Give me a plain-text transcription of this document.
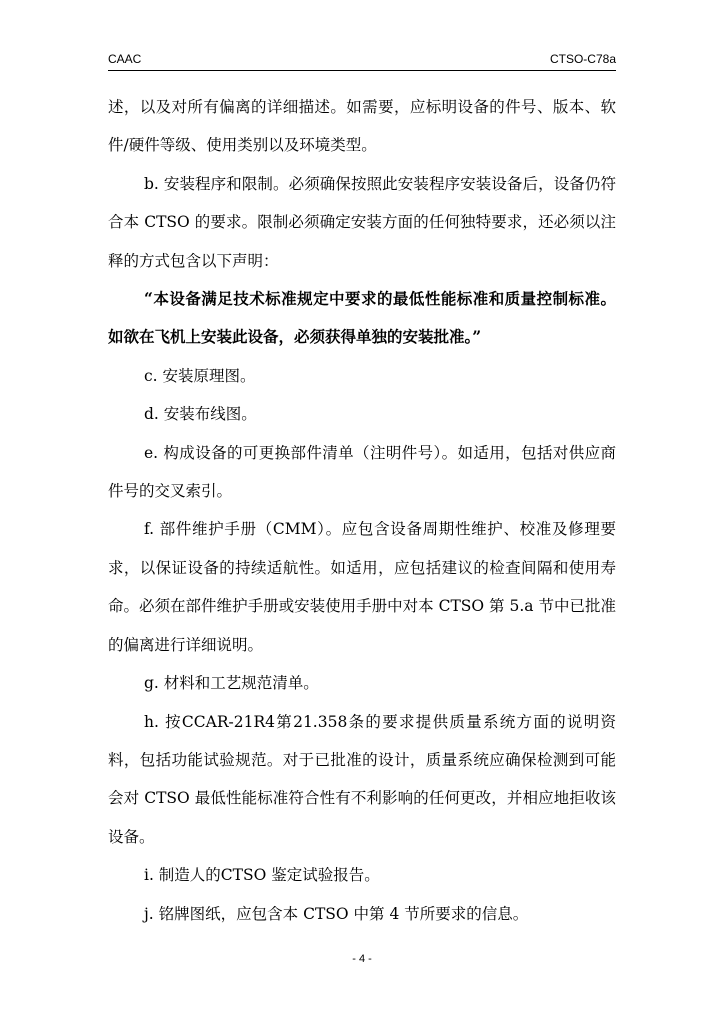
CAAC	CTSO-C78a

述，以及对所有偏离的详细描述。如需要，应标明设备的件号、版本、软件/硬件等级、使用类别以及环境类型。

b. 安装程序和限制。必须确保按照此安装程序安装设备后，设备仍符合本 CTSO 的要求。限制必须确定安装方面的任何独特要求，还必须以注释的方式包含以下声明：

“本设备满足技术标准规定中要求的最低性能标准和质量控制标准。如欲在飞机上安装此设备，必须获得单独的安装批准。”

c. 安装原理图。

d. 安装布线图。

e. 构成设备的可更换部件清单（注明件号）。如适用，包括对供应商件号的交叉索引。

f. 部件维护手册（CMM）。应包含设备周期性维护、校准及修理要求，以保证设备的持续适航性。如适用，应包括建议的检查间隔和使用寿命。必须在部件维护手册或安装使用手册中对本 CTSO 第 5.a 节中已批准的偏离进行详细说明。

g. 材料和工艺规范清单。

h. 按CCAR-21R4第21.358条的要求提供质量系统方面的说明资料，包括功能试验规范。对于已批准的设计，质量系统应确保检测到可能会对 CTSO 最低性能标准符合性有不利影响的任何更改，并相应地拒收该设备。

i. 制造人的CTSO 鉴定试验报告。

j. 铭牌图纸，应包含本 CTSO 中第 4 节所要求的信息。

- 4 -
